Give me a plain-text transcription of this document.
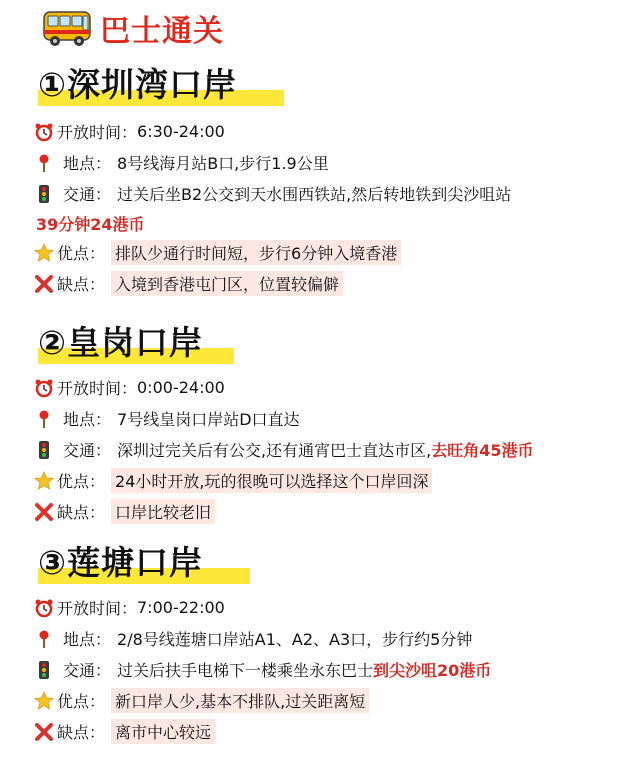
巴士通关
①深圳湾口岸
开放时间： 6:30-24:00
地点： 8号线海月站B口,步行1.9公里
交通： 过关后坐B2公交到天水围西铁站,然后转地铁到尖沙咀站
39分钟24港币
优点： 排队少通行时间短，步行6分钟入境香港
缺点： 入境到香港屯门区，位置较偏僻
②皇岗口岸
开放时间： 0:00-24:00
地点： 7号线皇岗口岸站D口直达
交通： 深圳过完关后有公交,还有通宵巴士直达市区, 去旺角45港币
优点： 24小时开放,玩的很晚可以选择这个口岸回深
缺点： 口岸比较老旧
③莲塘口岸
开放时间： 7:00-22:00
地点： 2/8号线莲塘口岸站A1、A2、A3口，步行约5分钟
交通： 过关后扶手电梯下一楼乘坐永东巴士 到尖沙咀20港币
优点： 新口岸人少,基本不排队,过关距离短
缺点： 离市中心较远
